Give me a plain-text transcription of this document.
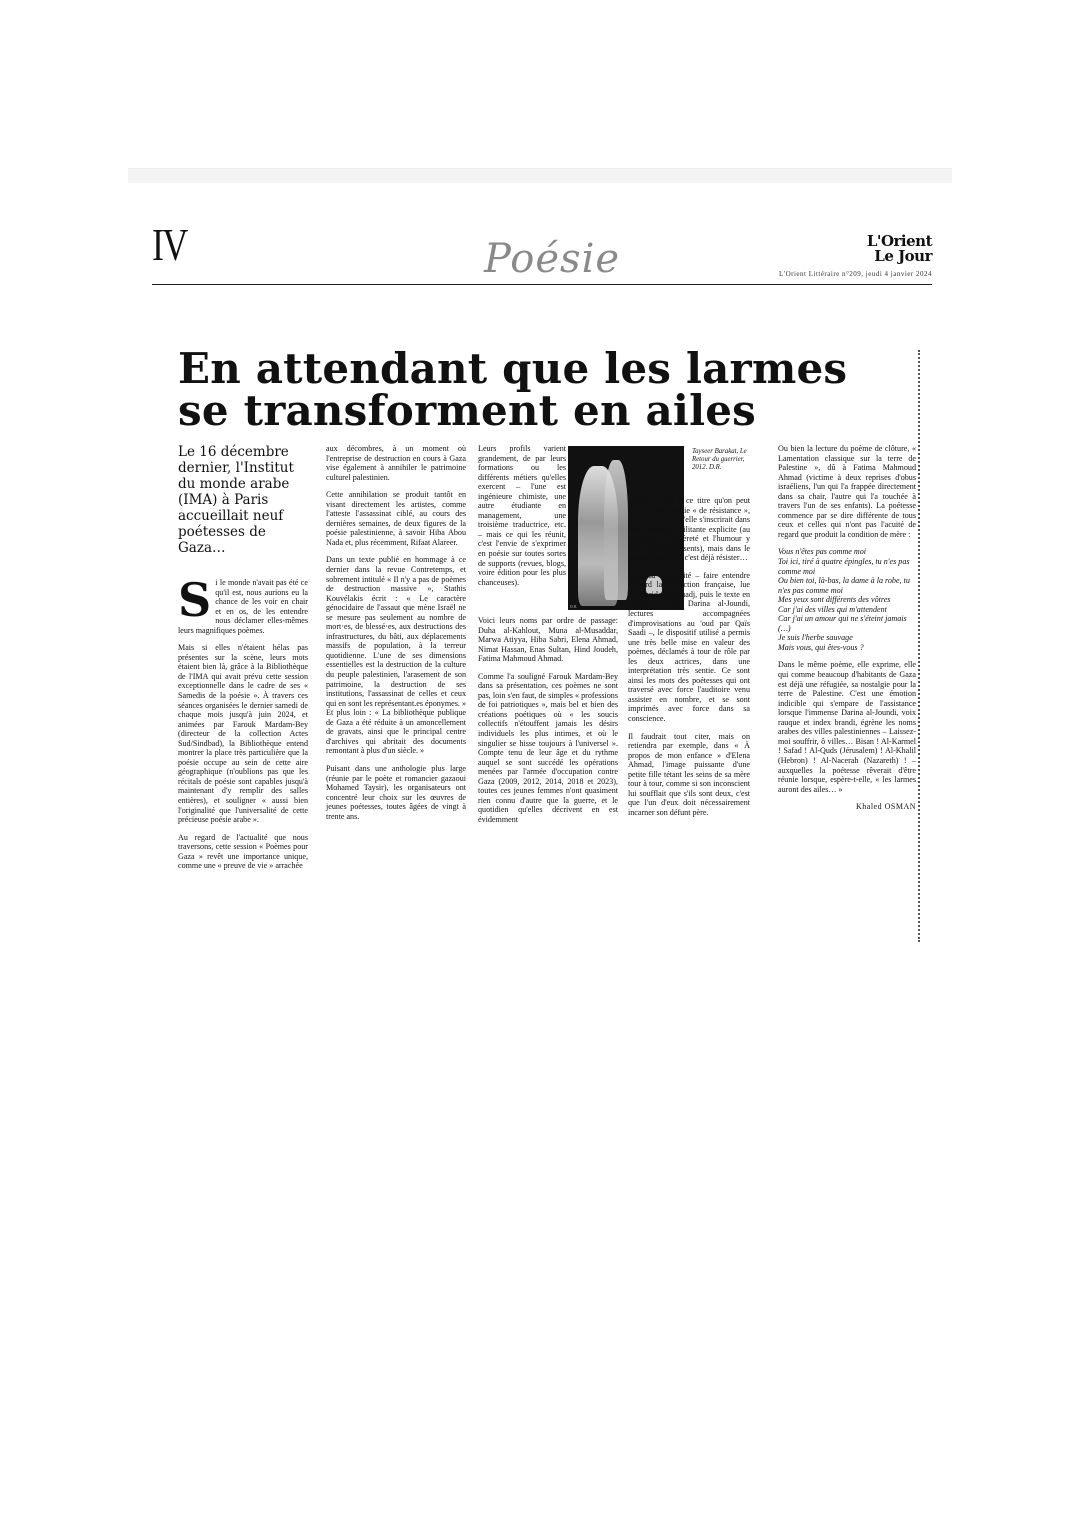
IV	Poésie	L'Orient
Le Jour
L'Orient Littéraire n°209, jeudi 4 janvier 2024
En attendant que les larmes se transforment en ailes

Le 16 décembre dernier, l'Institut du monde arabe (IMA) à Paris accueillait neuf poétesses de Gaza…

Si le monde n'avait pas été ce qu'il est, nous aurions eu la chance de les voir en chair et en os, de les entendre nous déclamer elles-mêmes leurs magnifiques poèmes.

Mais si elles n'étaient hélas pas présentes sur la scène, leurs mots étaient bien là, grâce à la Bibliothèque de l'IMA qui avait prévu cette session exceptionnelle dans le cadre de ses « Samedis de la poésie ». À travers ces séances organisées le dernier samedi de chaque mois jusqu'à juin 2024, et animées par Farouk Mardam-Bey (directeur de la collection Actes Sud/Sindbad), la Bibliothèque entend montrer la place très particulière que la poésie occupe au sein de cette aire géographique (n'oublions pas que les récitals de poésie sont capables jusqu'à maintenant d'y remplir des salles entières), et souligner « aussi bien l'originalité que l'universalité de cette précieuse poésie arabe ».

Au regard de l'actualité que nous traversons, cette session « Poèmes pour Gaza » revêt une importance unique, comme une « preuve de vie » arrachée

aux décombres, à un moment où l'entreprise de destruction en cours à Gaza vise également à annihiler le patrimoine culturel palestinien.

Cette annihilation se produit tantôt en visant directement les artistes, comme l'atteste l'assassinat ciblé, au cours des dernières semaines, de deux figures de la poésie palestinienne, à savoir Hiba Abou Nada et, plus récemment, Rifaat Alareer.

Dans un texte publié en hommage à ce dernier dans la revue Contretemps, et sobrement intitulé « Il n'y a pas de poèmes de destruction massive », Stathis Kouvélakis écrit : « Le caractère génocidaire de l'assaut que mène Israël ne se mesure pas seulement au nombre de mort·es, de blessé·es, aux destructions des infrastructures, du bâti, aux déplacements massifs de population, à la terreur quotidienne. L'une de ses dimensions essentielles est la destruction de la culture du peuple palestinien, l'arasement de son patrimoine, la destruction de ses institutions, l'assassinat de celles et ceux qui en sont les représentant.es éponymes. » Et plus loin : « La bibliothèque publique de Gaza a été réduite à un amoncellement de gravats, ainsi que le principal centre d'archives qui abritait des documents remontant à plus d'un siècle. »

Puisant dans une anthologie plus large (réunie par le poète et romancier gazaoui Mohamed Taysir), les organisateurs ont concentré leur choix sur les œuvres de jeunes poétesses, toutes âgées de vingt à trente ans.

Leurs profils varient grandement, de par leurs formations ou les différents métiers qu'elles exercent – l'une est ingénieure chimiste, une autre étudiante en management, une troisième traductrice, etc. – mais ce qui les réunit, c'est l'envie de s'exprimer en poésie sur toutes sortes de supports (revues, blogs, voire édition pour les plus chanceuses).

Voici leurs noms par ordre de passage: Duha al-Kahlout, Muna al-Musaddar, Marwa Atiyya, Hiba Sabri, Elena Ahmad, Nimat Hassan, Enas Sultan, Hind Joudeh, Fatima Mahmoud Ahmad.

Comme l'a souligné Farouk Mardam-Bey dans sa présentation, ces poèmes ne sont pas, loin s'en faut, de simples « professions de foi patriotiques », mais bel et bien des créations poétiques où « les soucis collectifs n'étouffent jamais les désirs individuels les plus intimes, et où le singulier se hisse toujours à l'universel ». Compte tenu de leur âge et du rythme auquel se sont succédé les opérations menées par l'armée d'occupation contre Gaza (2009, 2012, 2014, 2018 et 2023), toutes ces jeunes femmes n'ont quasiment rien connu d'autre que la guerre, et le quotidien qu'elles décrivent en est évidemment

D.R.
Tayseer Barakat, Le Retour du guerrier, 2012. D.R.

marqué. C'est à ce titre qu'on peut parler d'une poésie « de résistance », pas tant parce qu'elle s'inscrirait dans une démarche militante explicite (au contraire, la légèreté et l'humour y sont souvent présents), mais dans le sens où survivre, c'est déjà résister…

Dans sa simplicité – faire entendre d'abord la traduction française, lue par Farida Rahouadj, puis le texte en arabe, lu par Darina al-Joundi, lectures accompagnées d'improvisations au 'oud par Qaïs Saadi –, le dispositif utilisé a permis une très belle mise en valeur des poèmes, déclamés à tour de rôle par les deux actrices, dans une interprétation très sentie. Ce sont ainsi les mots des poétesses qui ont traversé avec force l'auditoire venu assister en nombre, et se sont imprimés avec force dans sa conscience.

Il faudrait tout citer, mais on retiendra par exemple, dans « À propos de mon enfance » d'Elena Ahmad, l'image puissante d'une petite fille tétant les seins de sa mère tour à tour, comme si son inconscient lui soufflait que s'ils sont deux, c'est que l'un d'eux doit nécessairement incarner son défunt père.

Ou bien la lecture du poème de clôture, « Lamentation classique sur la terre de Palestine », dû à Fatima Mahmoud Ahmad (victime à deux reprises d'obus israéliens, l'un qui l'a frappée directement dans sa chair, l'autre qui l'a touchée à travers l'un de ses enfants). La poétesse commence par se dire différente de tous ceux et celles qui n'ont pas l'acuité de regard que produit la condition de mère :

Vous n'êtes pas comme moi
Toi ici, tiré à quatre épingles, tu n'es pas comme moi
Ou bien toi, là-bas, la dame à la robe, tu n'es pas comme moi
Mes yeux sont différents des vôtres
Car j'ai des villes qui m'attendent
Car j'ai un amour qui ne s'éteint jamais (…)
Je suis l'herbe sauvage
Mais vous, qui êtes-vous ?

Dans le même poème, elle exprime, elle qui comme beaucoup d'habitants de Gaza est déjà une réfugiée, sa nostalgie pour la terre de Palestine. C'est une émotion indicible qui s'empare de l'assistance lorsque l'immense Darina al-Joundi, voix rauque et index brandi, égrène les noms arabes des villes palestiniennes – Laissez-moi souffrir, ô villes… Bisan ! Al-Karmel ! Safad ! Al-Quds (Jérusalem) ! Al-Khalil (Hebron) ! Al-Nacerah (Nazareth) ! – auxquelles la poétesse rêverait d'être réunie lorsque, espère-t-elle, « les larmes auront des ailes… »

Khaled OSMAN
